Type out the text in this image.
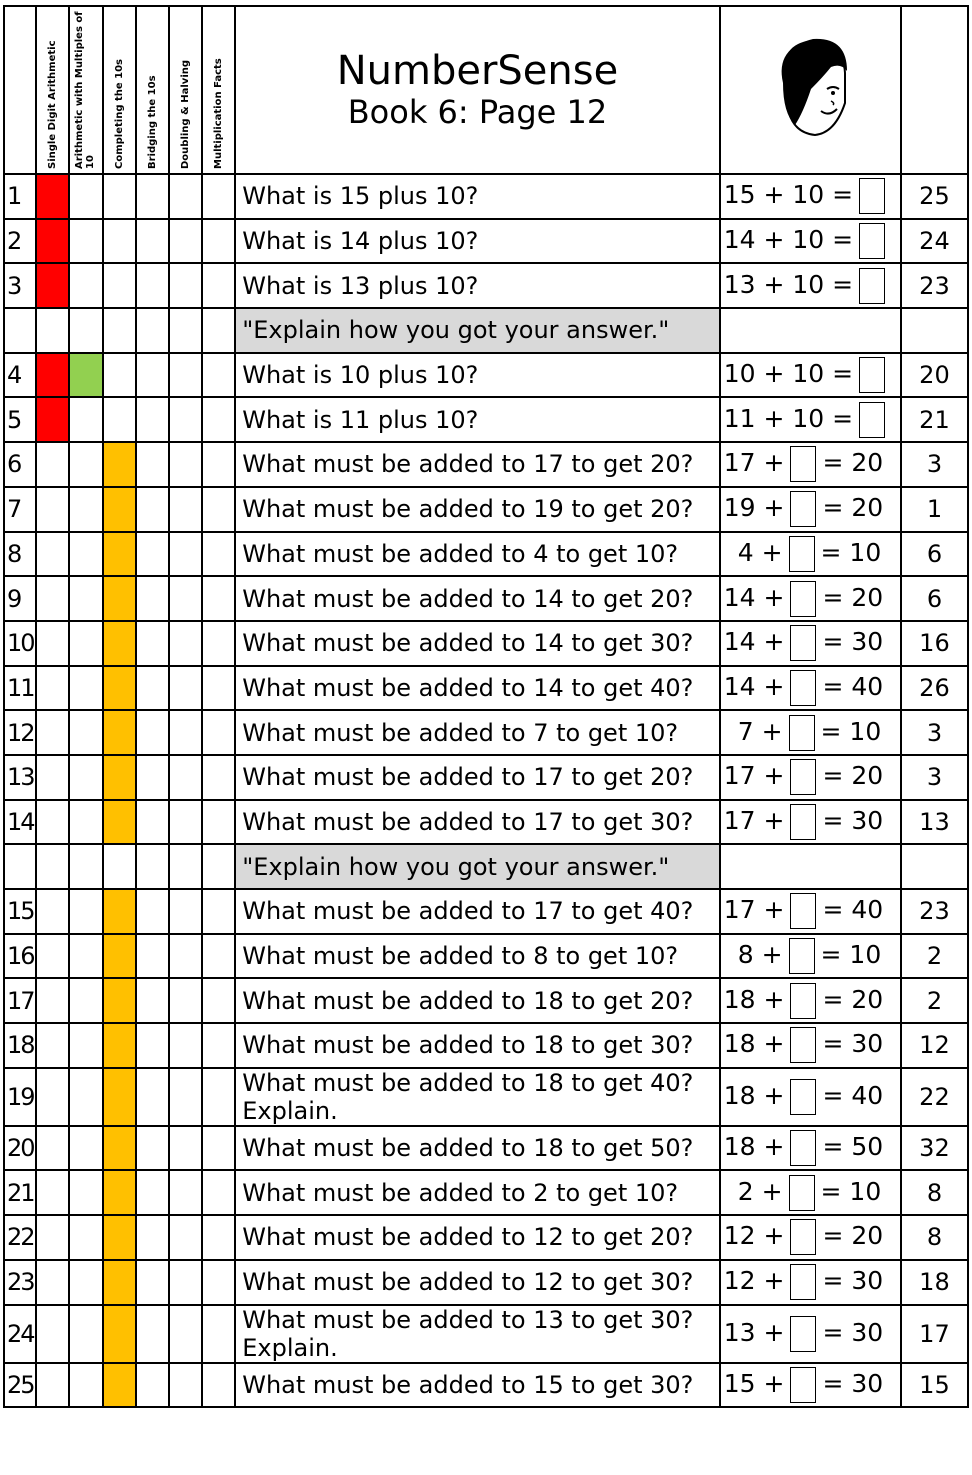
	Single Digit Arithmetic	Arithmetic with Multiples of 10	Completing the 10s	Bridging the 10s	Doubling & Halving	Multiplication Facts	NumberSense
Book 6: Page 12

1							What is 15 plus 10?	15 + 10 =	25
2							What is 14 plus 10?	14 + 10 =	24
3							What is 13 plus 10?	13 + 10 =	23
							"Explain how you got your answer."		
4							What is 10 plus 10?	10 + 10 =	20
5							What is 11 plus 10?	11 + 10 =	21
6							What must be added to 17 to get 20?	17 + = 20	3
7							What must be added to 19 to get 20?	19 + = 20	1
8							What must be added to 4 to get 10?	4 + = 10	6
9							What must be added to 14 to get 20?	14 + = 20	6
10							What must be added to 14 to get 30?	14 + = 30	16
11							What must be added to 14 to get 40?	14 + = 40	26
12							What must be added to 7 to get 10?	7 + = 10	3
13							What must be added to 17 to get 20?	17 + = 20	3
14							What must be added to 17 to get 30?	17 + = 30	13
							"Explain how you got your answer."		
15							What must be added to 17 to get 40?	17 + = 40	23
16							What must be added to 8 to get 10?	8 + = 10	2
17							What must be added to 18 to get 20?	18 + = 20	2
18							What must be added to 18 to get 30?	18 + = 30	12
19							What must be added to 18 to get 40? Explain.	18 + = 40	22
20							What must be added to 18 to get 50?	18 + = 50	32
21							What must be added to 2 to get 10?	2 + = 10	8
22							What must be added to 12 to get 20?	12 + = 20	8
23							What must be added to 12 to get 30?	12 + = 30	18
24							What must be added to 13 to get 30? Explain.	13 + = 30	17
25							What must be added to 15 to get 30?	15 + = 30	15
